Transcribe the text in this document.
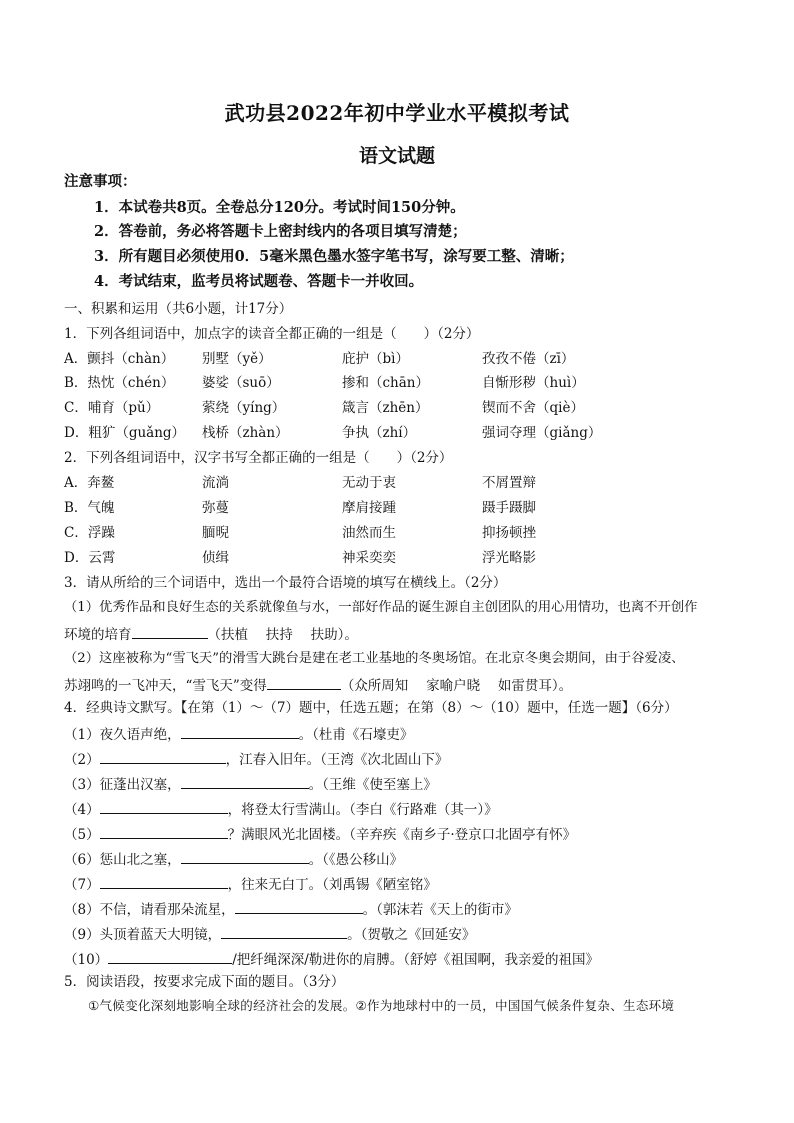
武功县2022年初中学业水平模拟考试
语文试题
注意事项：
1．本试卷共8页。全卷总分120分。考试时间150分钟。
2．答卷前，务必将答题卡上密封线内的各项目填写清楚；
3．所有题目必须使用0．5毫米黑色墨水签字笔书写，涂写要工整、清晰；
4．考试结束，监考员将试题卷、答题卡一并收回。
一、积累和运用（共6小题，计17分）
1．下列各组词语中，加点字的读音全都正确的一组是（　　）（2分）
A．颤抖（chàn） 别墅（yě）	庇护（bì）	孜孜不倦（zī）
B．热忱（chén） 婆娑（suō）	掺和（chān）	自惭形秽（huì）
C．哺育（pǔ）	萦绕（yíng）	箴言（zhēn）	锲而不舍（qiè）
D．粗犷（guǎng） 栈桥（zhàn）	争执（zhí）	强词夺理（giǎng）
2．下列各组词语中，汉字书写全都正确的一组是（　　）（2分）
A．奔鳌	流淌	无动于衷	不屑置辩
B．气魄	弥蔓	摩肩接踵	蹑手蹑脚
C．浮躁	腼晲	油然而生	抑扬顿挫
D．云霄	侦缉	神采奕奕	浮光略影
3．请从所给的三个词语中，选出一个最符合语境的填写在横线上。（2分）
（1）优秀作品和良好生态的关系就像鱼与水，一部好作品的诞生源自主创团队的用心用情功，也离不开创作
环境的培育	（扶植　 扶持　 扶助）。
（2）这座被称为“雪飞天”的滑雪大跳台是建在老工业基地的冬奥场馆。在北京冬奥会期间，由于谷爱凌、
苏翊鸣的一飞冲天，“雪飞天”变得	（众所周知　 家喻户晓　 如雷贯耳）。
4．经典诗文默写。【在第（1）～（7）题中，任选五题；在第（8）～（10）题中，任选一题】（6分）
（1）夜久语声绝，	。（杜甫《石壕吏》
（2）	，江春入旧年。（王湾《次北固山下》
（3）征蓬出汉塞，	。（王维《使至塞上》
（4）	，将登太行雪满山。（李白《行路难（其一）》
（5）	？满眼风光北固楼。（辛弃疾《南乡子·登京口北固亭有怀》
（6）惩山北之塞，	。（《愚公移山》
（7）	，往来无白丁。（刘禹锡《陋室铭》
（8）不信，请看那朵流星，	。（郭沫若《天上的街市》
（9）头顶着蓝天大明镜，	。（贺敬之《回延安》
（10）	/把纤绳深深/勒进你的肩膊。（舒婷《祖国啊，我亲爱的祖国》
5．阅读语段，按要求完成下面的题目。（3分）
①气候变化深刻地影响全球的经济社会的发展。②作为地球村中的一员，中国国气候条件复杂、生态环境
